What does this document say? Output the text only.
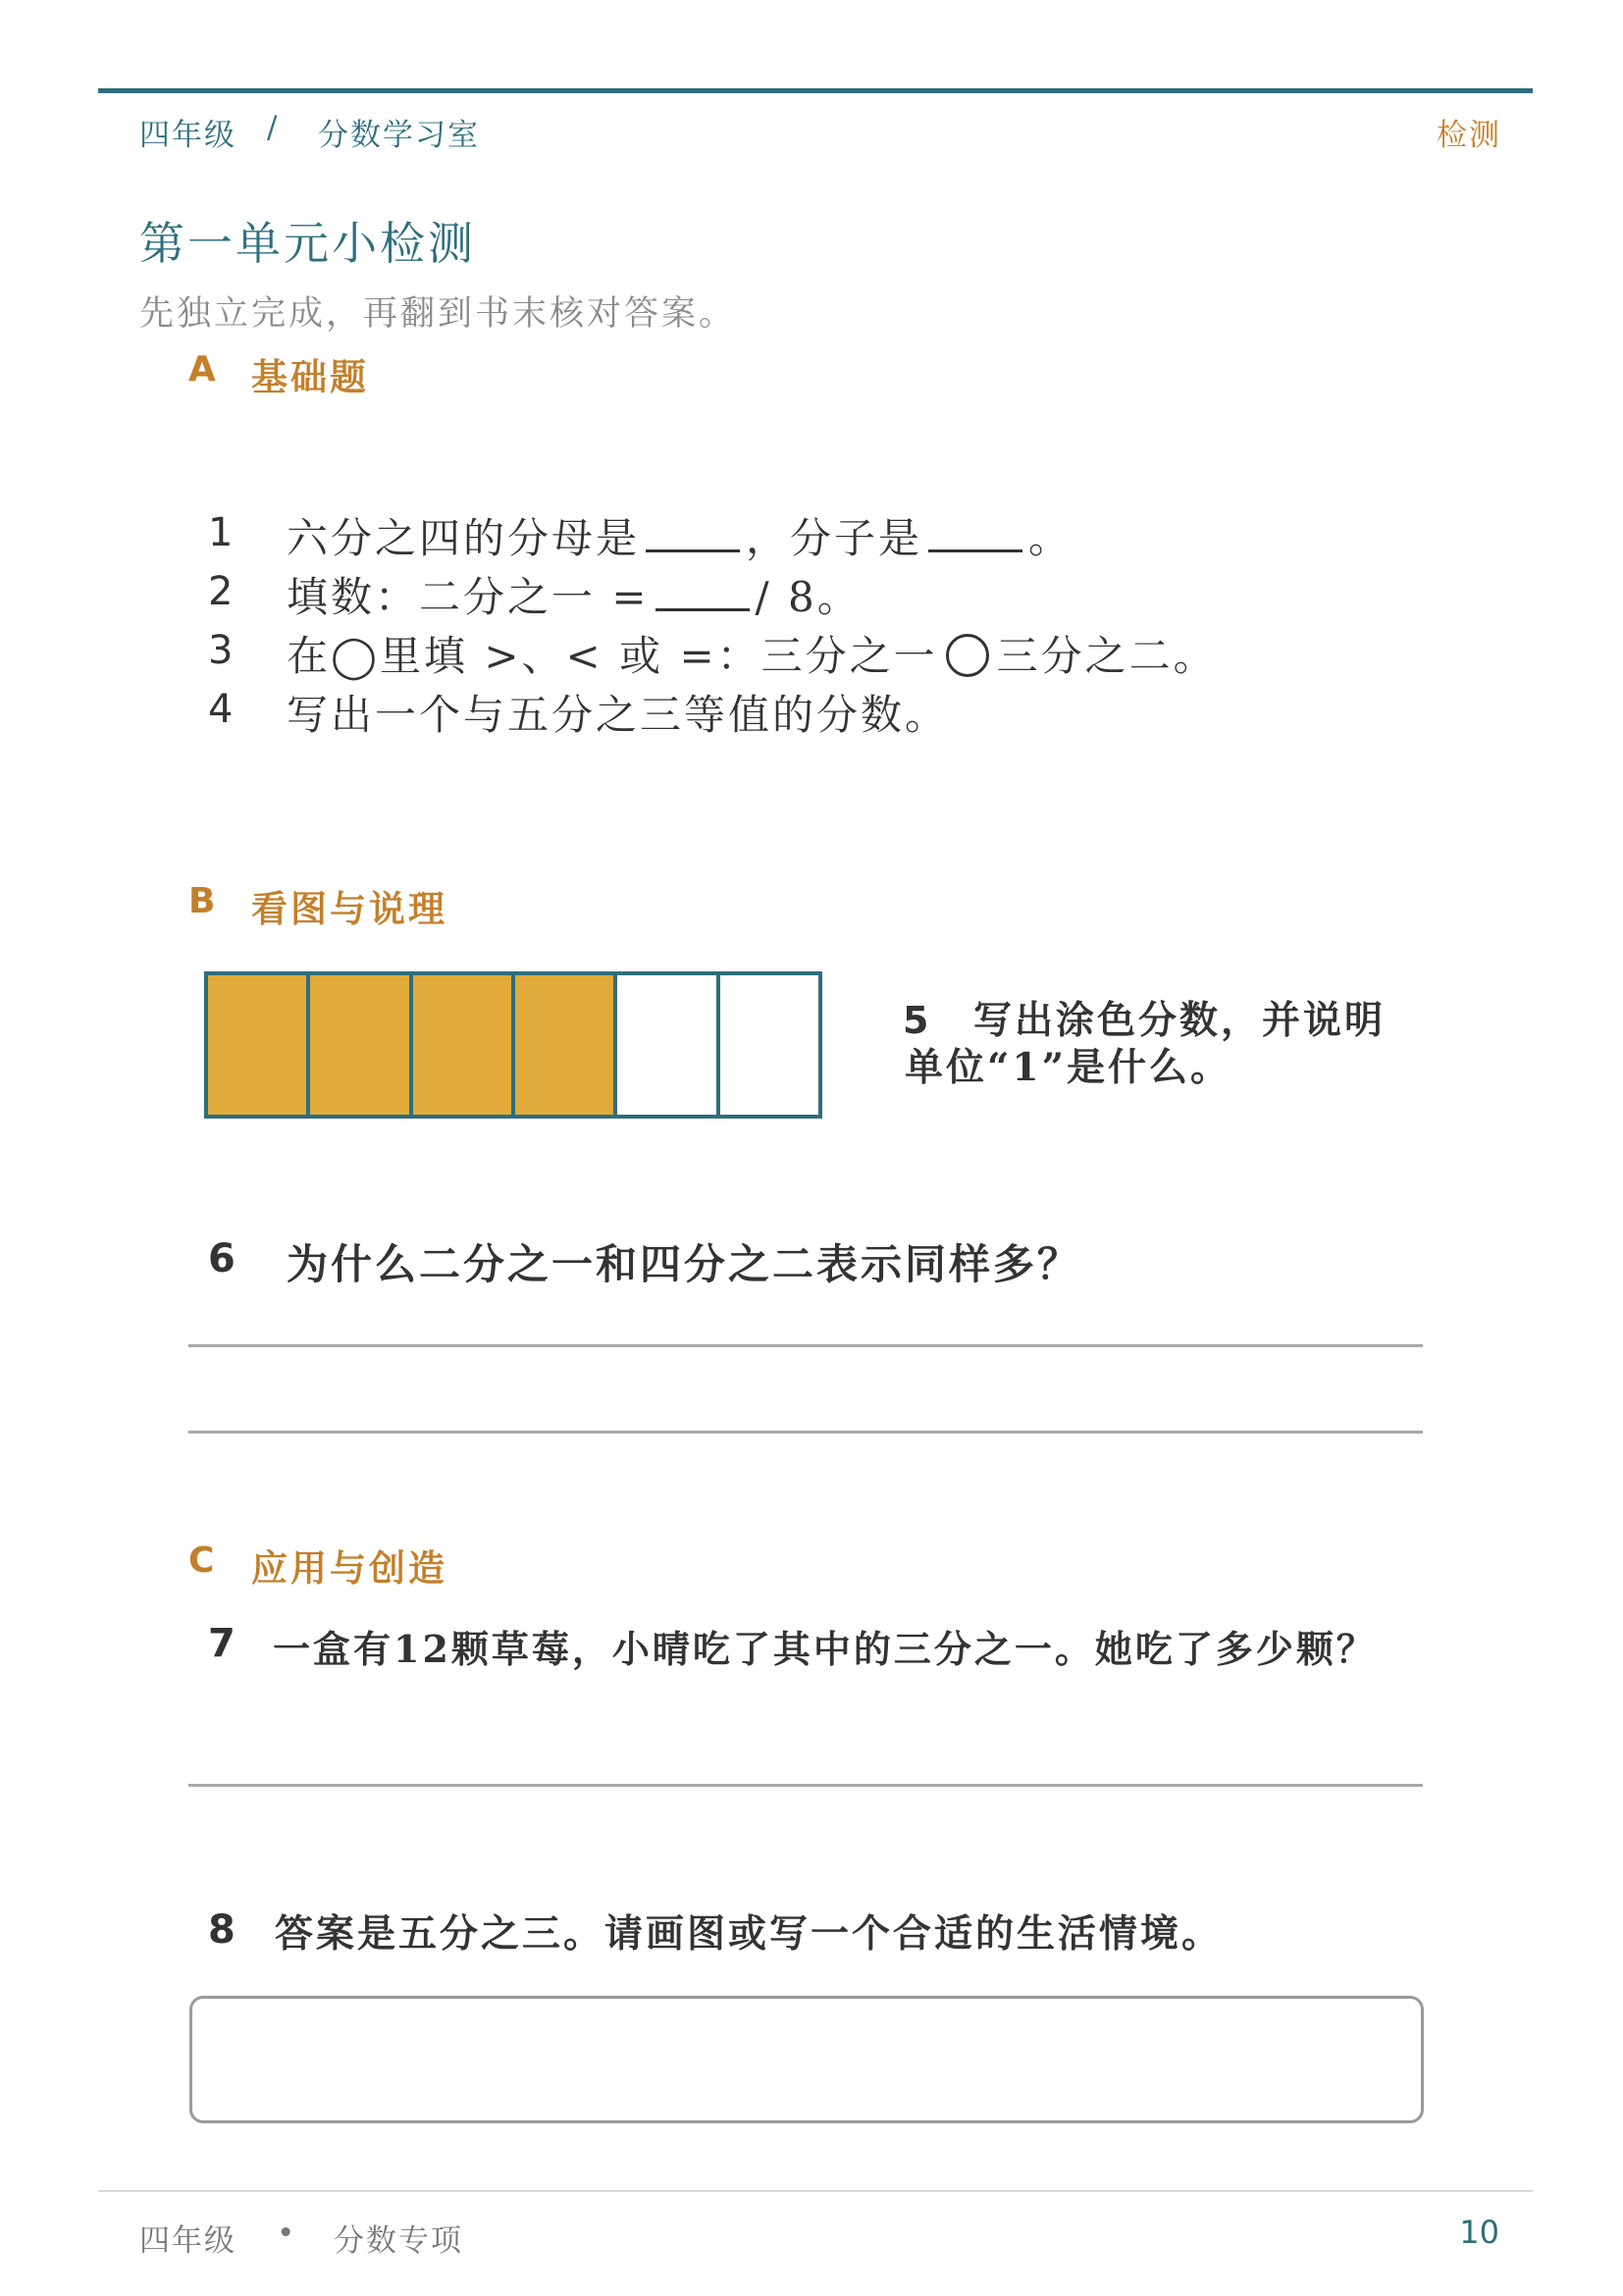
四年级 / 分数学习室	检测
第一单元小检测
先独立完成，再翻到书末核对答案。
A 基础题
1 六分之四的分母是	，分子是	。
2 填数：二分之一 =	/ 8。
3 在◯里填 >、< 或 =：三分之一 三分之二。
4 写出一个与五分之三等值的分数。
B 看图与说理
5 写出涂色分数，并说明
单位“1”是什么。
6 为什么二分之一和四分之二表示同样多？
C 应用与创造
7 一盒有12颗草莓，小晴吃了其中的三分之一。她吃了多少颗？
8 答案是五分之三。请画图或写一个合适的生活情境。
四年级 • 分数专项	10
